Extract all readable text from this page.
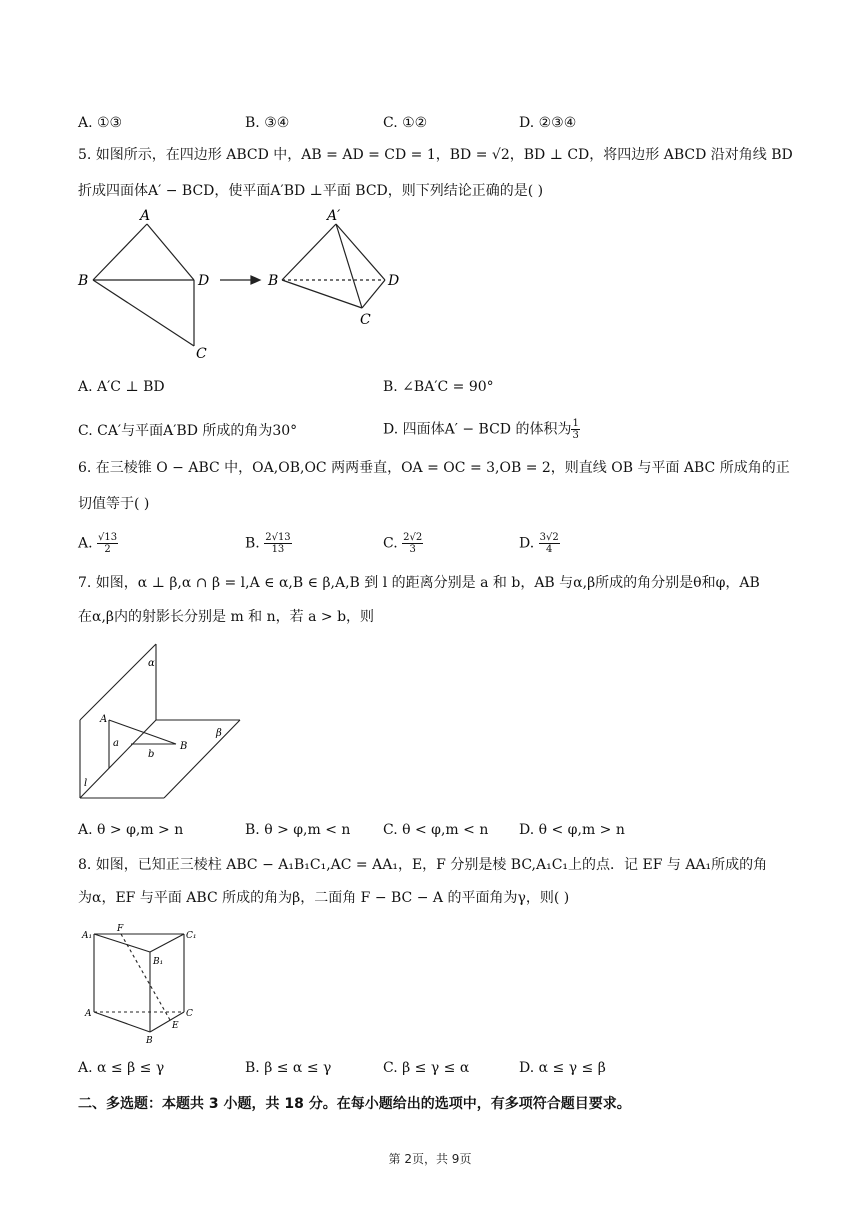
A. ①③	B. ③④	C. ①②	D. ②③④
5. 如图所示，在四边形 ABCD 中，AB = AD = CD = 1，BD = √2，BD ⊥ CD，将四边形 ABCD 沿对角线 BD
折成四面体A′ − BCD，使平面A′BD ⊥平面 BCD，则下列结论正确的是( )
A
B	D
C
A′
B	D
C
A. A′C ⊥ BD	B. ∠BA′C = 90°
C. CA′与平面A′BD 所成的角为30°	D. 四面体A′ − BCD 的体积为 $\frac{1}{3}$
6. 在三棱锥 O − ABC 中，OA,OB,OC 两两垂直，OA = OC = 3,OB = 2，则直线 OB 与平面 ABC 所成角的正
切值等于( )
A. $\frac{√13}{2}$	B. $\frac{2√13}{13}$	C. $\frac{2√2}{3}$	D. $\frac{3√2}{4}$
7. 如图，α ⊥ β,α ∩ β = l,A ∈ α,B ∈ β,A,B 到 l 的距离分别是 a 和 b，AB 与α,β所成的角分别是θ和φ，AB
在α,β内的射影长分别是 m 和 n，若 a > b，则
α
β
A
B
a
b
l
A. θ > φ,m > n	B. θ > φ,m < n C. θ < φ,m < n D. θ < φ,m > n
8. 如图，已知正三棱柱 ABC − A₁B₁C₁,AC = AA₁，E，F 分别是棱 BC,A₁C₁上的点．记 EF 与 AA₁所成的角
为α，EF 与平面 ABC 所成的角为β，二面角 F − BC − A 的平面角为γ，则( )
A₁
F
C₁
B₁
A	C
E
B
A. α ≤ β ≤ γ	B. β ≤ α ≤ γ	C. β ≤ γ ≤ α	D. α ≤ γ ≤ β
二、多选题：本题共 3 小题，共 18 分。在每小题给出的选项中，有多项符合题目要求。
第 2页，共 9页
